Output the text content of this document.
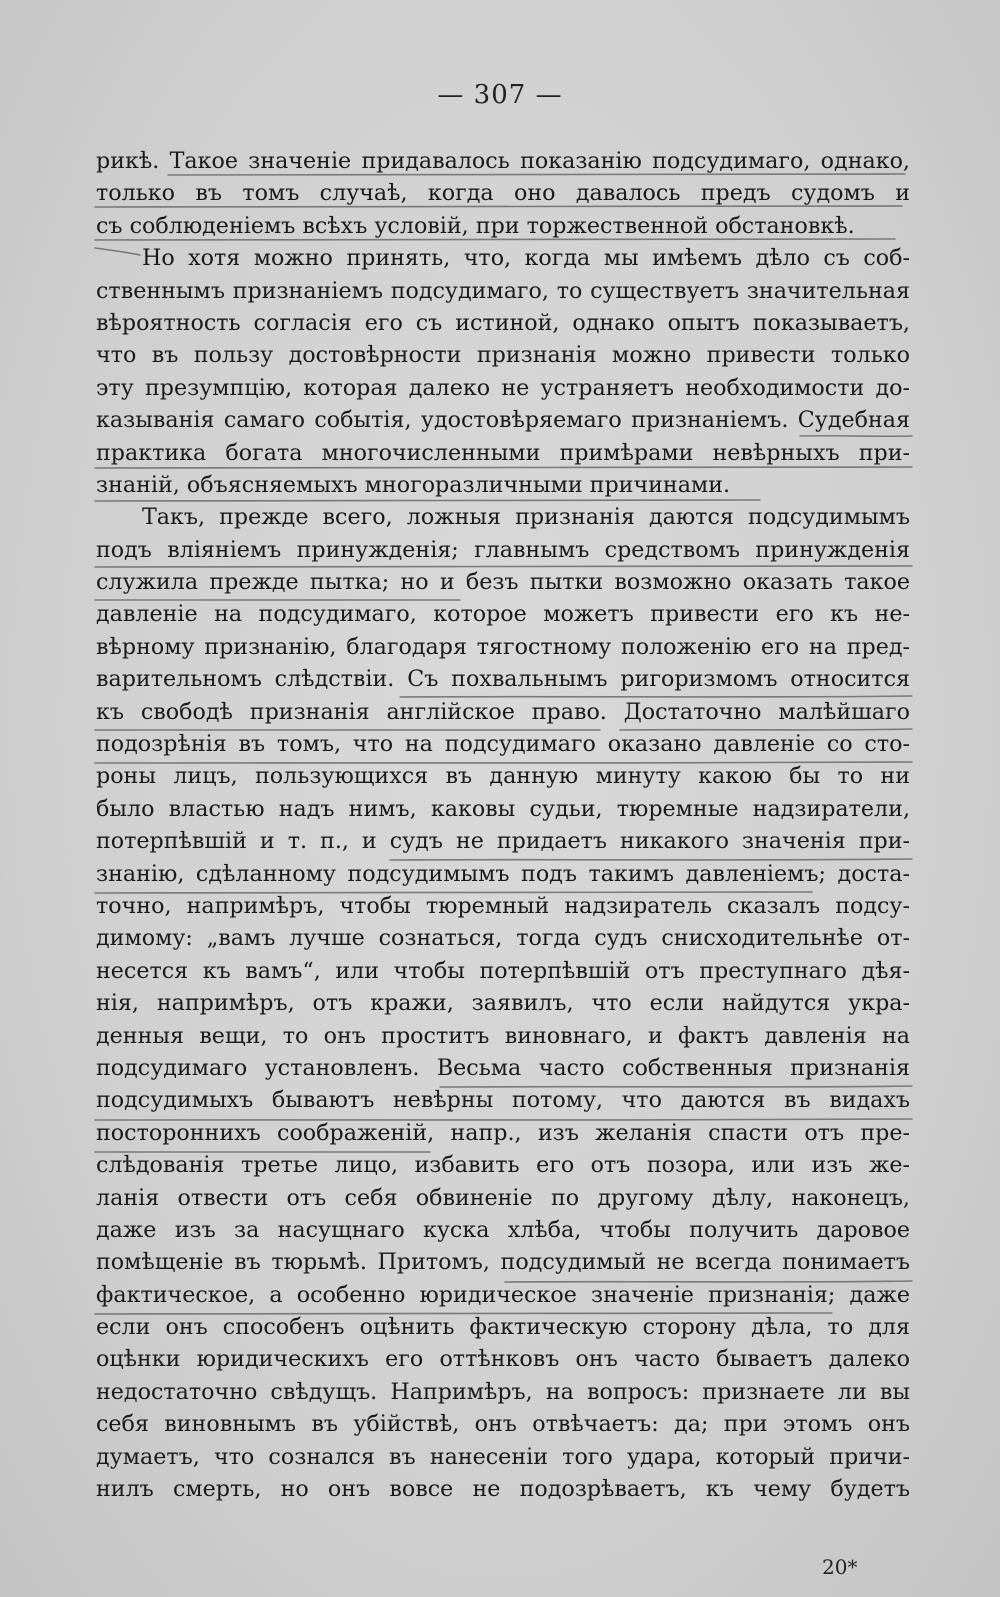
— 307 —
рикѣ. Такое значеніе придавалось показанію подсудимаго, однако,
только въ томъ случаѣ, когда оно давалось предъ судомъ и
съ соблюденіемъ всѣхъ условій, при торжественной обстановкѣ.
Но хотя можно принять, что, когда мы имѣемъ дѣло съ соб-
ственнымъ признаніемъ подсудимаго, то существуетъ значительная
вѣроятность согласія его съ истиной, однако опытъ показываетъ,
что въ пользу достовѣрности признанія можно привести только
эту презумпцію, которая далеко не устраняетъ необходимости до-
казыванія самаго событія, удостовѣряемаго признаніемъ. Судебная
практика богата многочисленными примѣрами невѣрныхъ при-
знаній, объясняемыхъ многоразличными причинами.
Такъ, прежде всего, ложныя признанія даются подсудимымъ
подъ вліяніемъ принужденія; главнымъ средствомъ принужденія
служила прежде пытка; но и безъ пытки возможно оказать такое
давленіе на подсудимаго, которое можетъ привести его къ не-
вѣрному признанію, благодаря тягостному положенію его на пред-
варительномъ слѣдствіи. Съ похвальнымъ ригоризмомъ относится
къ свободѣ признанія англійское право. Достаточно малѣйшаго
подозрѣнія въ томъ, что на подсудимаго оказано давленіе со сто-
роны лицъ, пользующихся въ данную минуту какою бы то ни
было властью надъ нимъ, каковы судьи, тюремные надзиратели,
потерпѣвшій и т. п., и судъ не придаетъ никакого значенія при-
знанію, сдѣланному подсудимымъ подъ такимъ давленіемъ; доста-
точно, напримѣръ, чтобы тюремный надзиратель сказалъ подсу-
димому: „вамъ лучше сознаться, тогда судъ снисходительнѣе от-
несется къ вамъ“, или чтобы потерпѣвшій отъ преступнаго дѣя-
нія, напримѣръ, отъ кражи, заявилъ, что если найдутся укра-
денныя вещи, то онъ проститъ виновнаго, и фактъ давленія на
подсудимаго установленъ. Весьма часто собственныя признанія
подсудимыхъ бываютъ невѣрны потому, что даются въ видахъ
постороннихъ соображеній, напр., изъ желанія спасти отъ пре-
слѣдованія третье лицо, избавить его отъ позора, или изъ же-
ланія отвести отъ себя обвиненіе по другому дѣлу, наконецъ,
даже изъ за насущнаго куска хлѣба, чтобы получить даровое
помѣщеніе въ тюрьмѣ. Притомъ, подсудимый не всегда понимаетъ
фактическое, а особенно юридическое значеніе признанія; даже
если онъ способенъ оцѣнить фактическую сторону дѣла, то для
оцѣнки юридическихъ его оттѣнковъ онъ часто бываетъ далеко
недостаточно свѣдущъ. Напримѣръ, на вопросъ: признаете ли вы
себя виновнымъ въ убійствѣ, онъ отвѣчаетъ: да; при этомъ онъ
думаетъ, что сознался въ нанесеніи того удара, который причи-
нилъ смерть, но онъ вовсе не подозрѣваетъ, къ чему будетъ
20*
